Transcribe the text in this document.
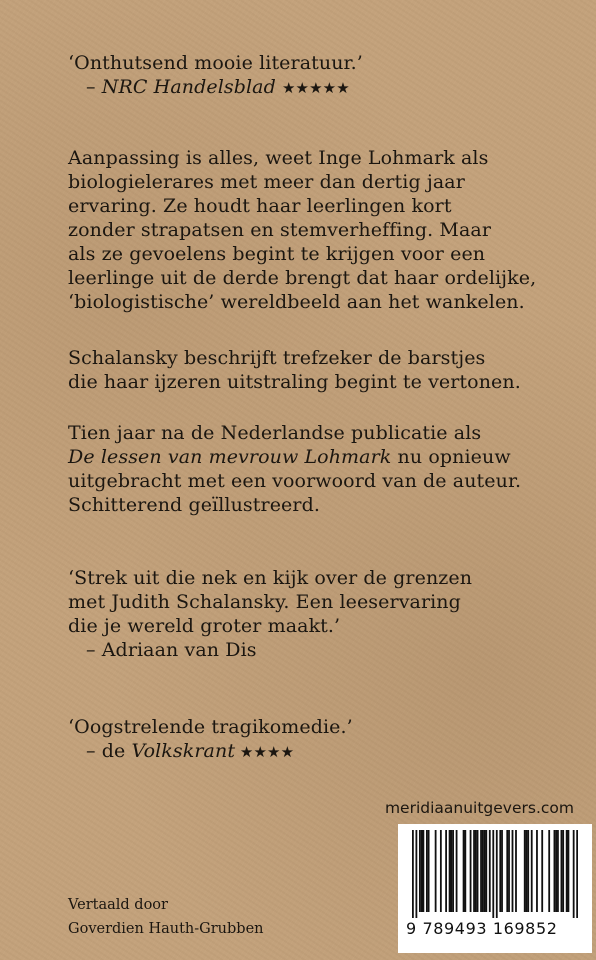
‘Onthutsend mooie literatuur.’
– NRC Handelsblad ★★★★★
Aanpassing is alles, weet Inge Lohmark als
biologielerares met meer dan dertig jaar
ervaring. Ze houdt haar leerlingen kort
zonder strapatsen en stemverheffing. Maar
als ze gevoelens begint te krijgen voor een
leerlinge uit de derde brengt dat haar ordelijke,
‘biologistische’ wereldbeeld aan het wankelen.
Schalansky beschrijft trefzeker de barstjes
die haar ijzeren uitstraling begint te vertonen.
Tien jaar na de Nederlandse publicatie als
De lessen van mevrouw Lohmark nu opnieuw
uitgebracht met een voorwoord van de auteur.
Schitterend geïllustreerd.
‘Strek uit die nek en kijk over de grenzen
met Judith Schalansky. Een leeservaring
die je wereld groter maakt.’
– Adriaan van Dis
‘Oogstrelende tragikomedie.’
– de Volkskrant ★★★★
meridiaanuitgevers.com
9 789493 169852
Vertaald door
Goverdien Hauth-Grubben
